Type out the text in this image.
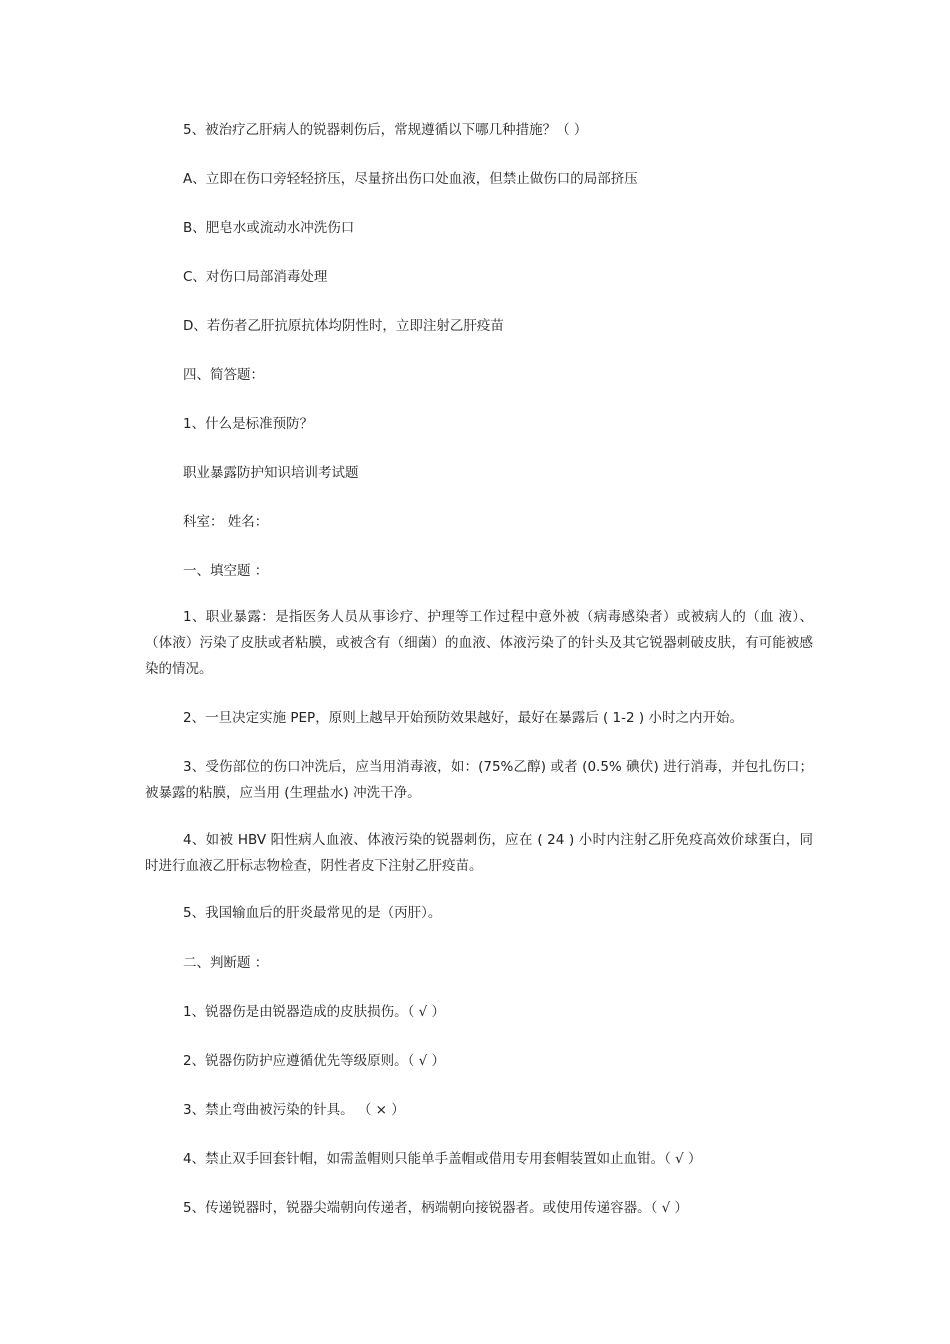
5、被治疗乙肝病人的锐器刺伤后，常规遵循以下哪几种措施？（ ）
A、立即在伤口旁轻轻挤压，尽量挤出伤口处血液，但禁止做伤口的局部挤压
B、肥皂水或流动水冲洗伤口
C、对伤口局部消毒处理
D、若伤者乙肝抗原抗体均阴性时，立即注射乙肝疫苗
四、简答题：
1、什么是标准预防？
职业暴露防护知识培训考试题
科室： 姓名：
一、填空题 ：
1、职业暴露：是指医务人员从事诊疗、护理等工作过程中意外被（病毒感染者）或被病人的（血 液）、（体液）污染了皮肤或者粘膜，或被含有（细菌）的血液、体液污染了的针头及其它锐器刺破皮肤，有可能被感染的情况。
2、一旦决定实施 PEP，原则上越早开始预防效果越好，最好在暴露后 ( 1-2 ) 小时之内开始。
3、受伤部位的伤口冲洗后，应当用消毒液，如：(75%乙醇) 或者 (0.5% 碘伏) 进行消毒，并包扎伤口；被暴露的粘膜，应当用 (生理盐水) 冲洗干净。
4、如被 HBV 阳性病人血液、体液污染的锐器刺伤，应在 ( 24 ) 小时内注射乙肝免疫高效价球蛋白，同时进行血液乙肝标志物检查，阴性者皮下注射乙肝疫苗。
5、我国输血后的肝炎最常见的是（丙肝）。
二、判断题 ：
1、锐器伤是由锐器造成的皮肤损伤。（ √ ）
2、锐器伤防护应遵循优先等级原则。（ √ ）
3、禁止弯曲被污染的针具。 （ × ）
4、禁止双手回套针帽，如需盖帽则只能单手盖帽或借用专用套帽装置如止血钳。（ √ ）
5、传递锐器时，锐器尖端朝向传递者，柄端朝向接锐器者。或使用传递容器。（ √ ）
